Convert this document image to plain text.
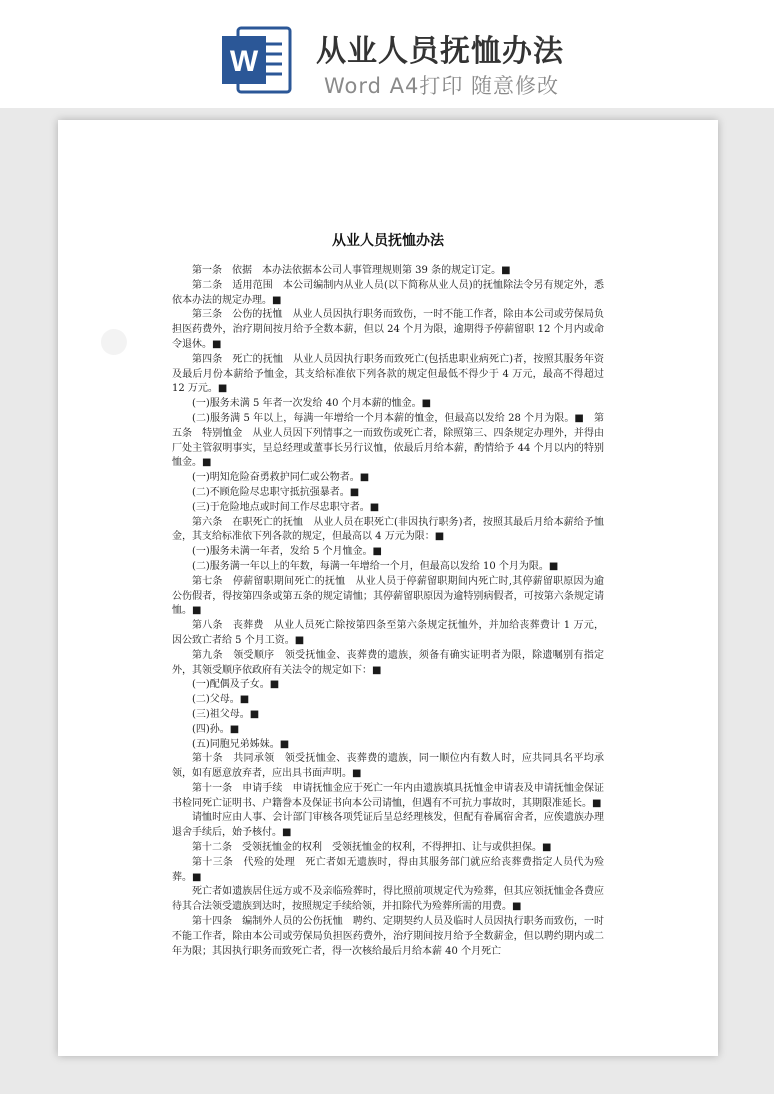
W 从业人员抚恤办法
Word A4打印 随意修改
●
从业人员抚恤办法

第一条　依据　本办法依据本公司人事管理规则第 39 条的规定订定。■

第二条　适用范围　本公司编制内从业人员(以下简称从业人员)的抚恤除法令另有规定外，悉依本办法的规定办理。■

第三条　公伤的抚恤　从业人员因执行职务而致伤，一时不能工作者，除由本公司或劳保局负担医药费外，治疗期间按月给予全数本薪，但以 24 个月为限，逾期得予停薪留职 12 个月内或命令退休。■

第四条　死亡的抚恤　从业人员因执行职务而致死亡(包括患职业病死亡)者，按照其服务年资及最后月份本薪给予恤金，其支给标准依下列各款的规定但最低不得少于 4 万元，最高不得超过 12 万元。■

(一)服务未满 5 年者一次发给 40 个月本薪的恤金。■

(二)服务满 5 年以上，每满一年增给一个月本薪的恤金，但最高以发给 28 个月为限。■　第五条　特别恤金　从业人员因下列情事之一而致伤或死亡者，除照第三、四条规定办理外，并得由厂处主管叙明事实，呈总经理或董事长另行议恤，依最后月给本薪，酌情给予 44 个月以内的特别恤金。■

(一)明知危险奋勇救护同仁或公物者。■

(二)不顾危险尽忠职守抵抗强暴者。■

(三)于危险地点或时间工作尽忠职守者。■

第六条　在职死亡的抚恤　从业人员在职死亡(非因执行职务)者，按照其最后月给本薪给予恤金，其支给标准依下列各款的规定，但最高以 4 万元为限：■

(一)服务未满一年者，发给 5 个月恤金。■

(二)服务满一年以上的年数，每满一年增给一个月，但最高以发给 10 个月为限。■

第七条　停薪留职期间死亡的抚恤　从业人员于停薪留职期间内死亡时,其停薪留职原因为逾公伤假者，得按第四条或第五条的规定请恤；其停薪留职原因为逾特别病假者，可按第六条规定请恤。■

第八条　丧葬费　从业人员死亡除按第四条至第六条规定抚恤外，并加给丧葬费计 1 万元，因公致亡者给 5 个月工资。■

第九条　领受顺序　领受抚恤金、丧葬费的遗族，须备有确实证明者为限，除遗嘱别有指定外，其领受顺序依政府有关法令的规定如下：■

(一)配偶及子女。■

(二)父母。■

(三)祖父母。■

(四)孙。■

(五)同胞兄弟姊妹。■

第十条　共同承领　领受抚恤金、丧葬费的遗族，同一顺位内有数人时，应共同具名平均承领，如有愿意放弃者，应出具书面声明。■

第十一条　申请手续　申请抚恤金应于死亡一年内由遗族填具抚恤金申请表及申请抚恤金保证书检同死亡证明书、户籍誊本及保证书向本公司请恤，但遇有不可抗力事故时，其期限准延长。■

请恤时应由人事、会计部门审核各项凭证后呈总经理核发，但配有眷属宿舍者，应俟遗族办理退舍手续后，始予核付。■

第十二条　受领抚恤金的权利　受领抚恤金的权利，不得押扣、让与或供担保。■

第十三条　代殓的处理　死亡者如无遗族时，得由其服务部门就应给丧葬费指定人员代为殓葬。■

死亡者如遗族居住远方或不及亲临殓葬时，得比照前项规定代为殓葬，但其应领抚恤金各费应待其合法领受遗族到达时，按照规定手续给领，并扣除代为殓葬所需的用费。■

第十四条　编制外人员的公伤抚恤　聘约、定期契约人员及临时人员因执行职务而致伤，一时不能工作者，除由本公司或劳保局负担医药费外，治疗期间按月给予全数薪金，但以聘约期内或二年为限；其因执行职务而致死亡者，得一次核给最后月给本薪 40 个月死亡
